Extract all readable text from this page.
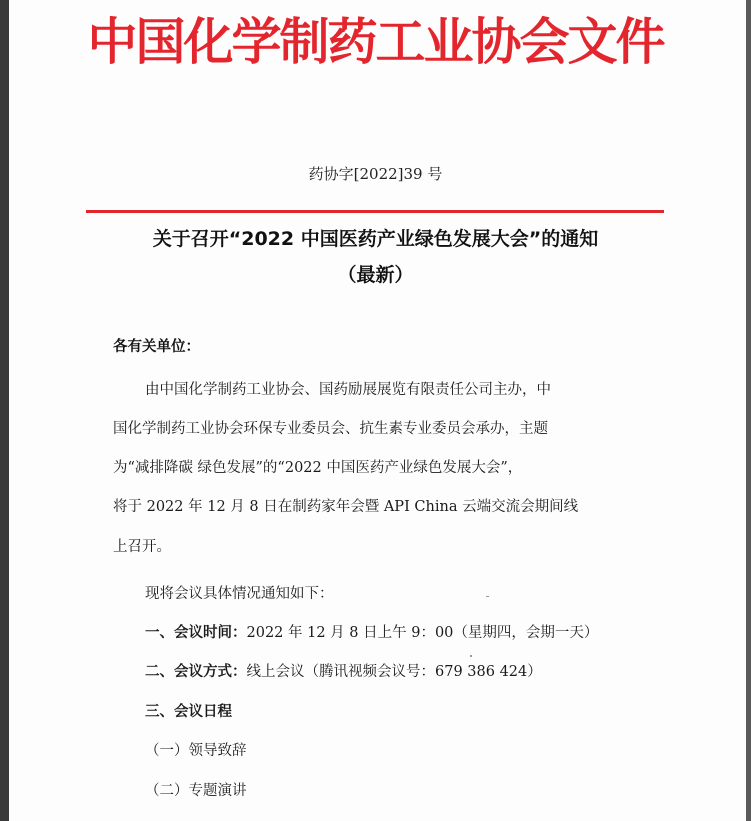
中国化学制药工业协会文件
药协字[2022]39 号
关于召开“2022 中国医药产业绿色发展大会”的通知
（最新）
各有关单位：
由中国化学制药工业协会、国药励展展览有限责任公司主办，中
国化学制药工业协会环保专业委员会、抗生素专业委员会承办，主题
为“减排降碳 绿色发展”的“2022 中国医药产业绿色发展大会”，
将于 2022 年 12 月 8 日在制药家年会暨 API China 云端交流会期间线
上召开。
现将会议具体情况通知如下：
一、会议时间：2022 年 12 月 8 日上午 9：00（星期四，会期一天）
二、会议方式：线上会议（腾讯视频会议号：679 386 424）
三、会议日程
（一）领导致辞
（二）专题演讲
